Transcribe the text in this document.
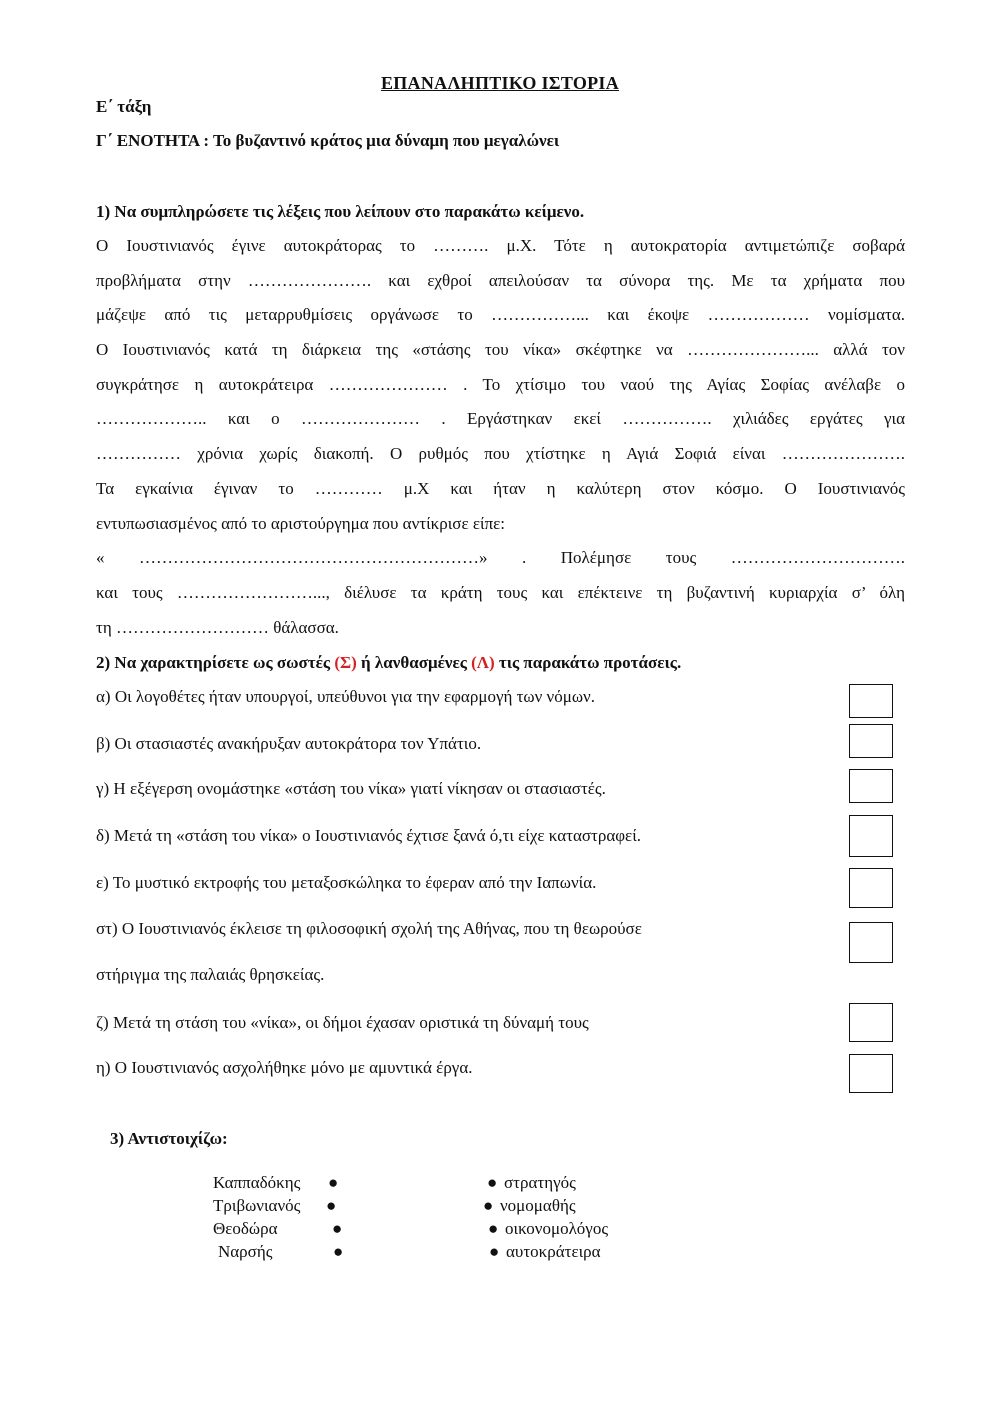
ΕΠΑΝΑΛΗΠΤΙΚΟ ΙΣΤΟΡΙΑ
Ε΄ τάξη
Γ΄ ΕΝΟΤΗΤΑ : Το βυζαντινό κράτος μια δύναμη που μεγαλώνει
1) Να συμπληρώσετε τις λέξεις που λείπουν στο παρακάτω κείμενο.
Ο Ιουστινιανός έγινε αυτοκράτορας το ………. μ.Χ. Τότε η αυτοκρατορία αντιμετώπιζε σοβαρά
προβλήματα στην …………………. και εχθροί απειλούσαν τα σύνορα της. Με τα χρήματα που
μάζεψε από τις μεταρρυθμίσεις οργάνωσε το ……………... και έκοψε ……………… νομίσματα.
Ο Ιουστινιανός κατά τη διάρκεια της «στάσης του νίκα» σκέφτηκε να …………………... αλλά τον
συγκράτησε η αυτοκράτειρα ………………… . Το χτίσιμο του ναού της Αγίας Σοφίας ανέλαβε ο
……………….. και ο ………………… . Εργάστηκαν εκεί ……………. χιλιάδες εργάτες για
…………… χρόνια χωρίς διακοπή. Ο ρυθμός που χτίστηκε η Αγιά Σοφιά είναι ………………….
Τα εγκαίνια έγιναν το ………… μ.Χ και ήταν η καλύτερη στον κόσμο. Ο Ιουστινιανός
εντυπωσιασμένος από το αριστούργημα που αντίκρισε είπε:
« ……………………………………………………» . Πολέμησε τους ………………………….
και τους ……………………..., διέλυσε τα κράτη τους και επέκτεινε τη βυζαντινή κυριαρχία σ’ όλη
τη ……………………… θάλασσα.
2) Να χαρακτηρίσετε ως σωστές (Σ) ή λανθασμένες (Λ) τις παρακάτω προτάσεις.
α) Οι λογοθέτες ήταν υπουργοί, υπεύθυνοι για την εφαρμογή των νόμων.
β) Οι στασιαστές ανακήρυξαν αυτοκράτορα τον Υπάτιο.
γ) Η εξέγερση ονομάστηκε «στάση του νίκα» γιατί νίκησαν οι στασιαστές.
δ) Μετά τη «στάση του νίκα» ο Ιουστινιανός έχτισε ξανά ό,τι είχε καταστραφεί.
ε) Το μυστικό εκτροφής του μεταξοσκώληκα το έφεραν από την Ιαπωνία.
στ) Ο Ιουστινιανός έκλεισε τη φιλοσοφική σχολή της Αθήνας, που τη θεωρούσε
στήριγμα της παλαιάς θρησκείας.
ζ) Μετά τη στάση του «νίκα», οι δήμοι έχασαν οριστικά τη δύναμή τους
η) Ο Ιουστινιανός ασχολήθηκε μόνο με αμυντικά έργα.
3) Αντιστοιχίζω:
Καππαδόκης ●	● στρατηγός
Τριβωνιανός ●	● νομομαθής
Θεοδώρα	●	● οικονομολόγος
Ναρσής	●	● αυτοκράτειρα
